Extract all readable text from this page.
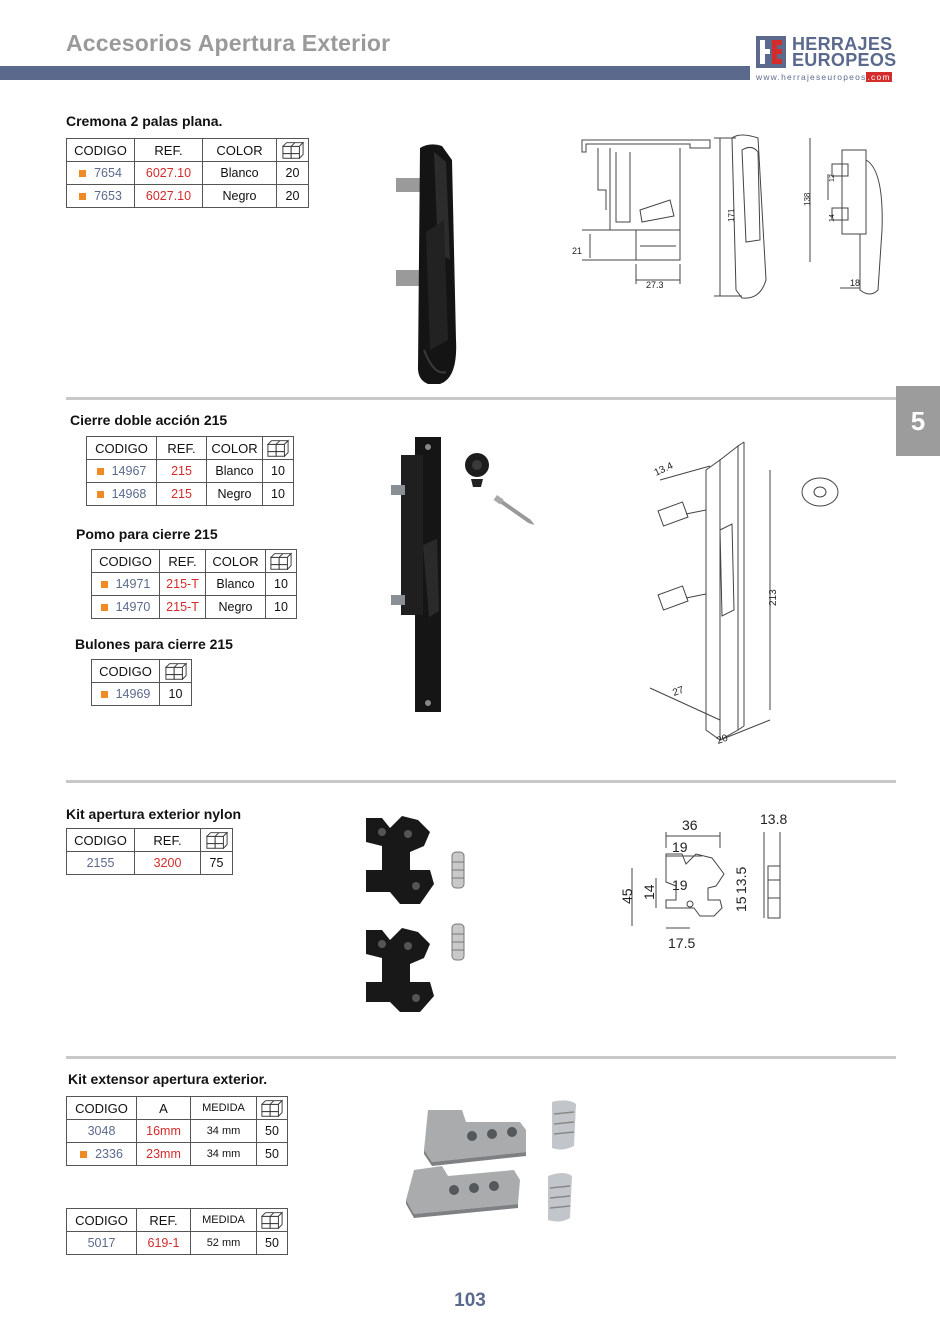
Accesorios Apertura Exterior	HERRAJES
EUROPEOS
www.herrajeseuropeos.com
5
Cremona 2 palas plana.
CODIGO	REF.	COLOR	
7654	6027.10	Blanco	20
7653	6027.10	Negro	20
21
27.3
171
138
12
14
18
Cierre doble acción 215
CODIGO	REF.	COLOR	
14967	215	Blanco	10
14968	215	Negro	10
Pomo para cierre 215
CODIGO	REF.	COLOR	
14971	215-T	Blanco	10
14970	215-T	Negro	10
Bulones para cierre 215
CODIGO	
14969	10
13.4
213
27
20
Kit apertura exterior nylon
CODIGO	REF.	
2155	3200	75
36
19
19
45 14
17.5
13.8
13.5
15
Kit extensor apertura exterior.
CODIGO	A	MEDIDA	
3048	16mm	34 mm	50
2336	23mm	34 mm	50
CODIGO	REF.	MEDIDA	
5017	619-1	52 mm	50
103
